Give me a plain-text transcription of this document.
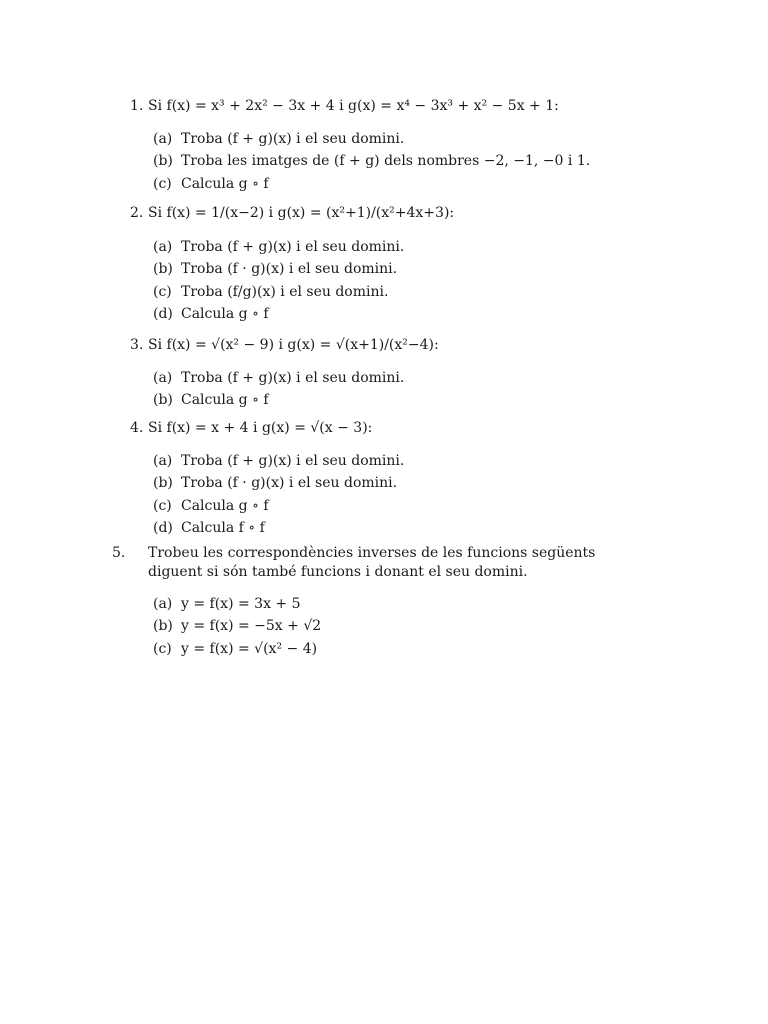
1. Si f(x) = x³ + 2x² − 3x + 4 i g(x) = x⁴ − 3x³ + x² − 5x + 1:
(a) Troba (f + g)(x) i el seu domini.
(b) Troba les imatges de (f + g) dels nombres −2, −1, −0 i 1.
(c) Calcula g ∘ f
2. Si f(x) = 1/(x−2) i g(x) = (x²+1)/(x²+4x+3):
(a) Troba (f + g)(x) i el seu domini.
(b) Troba (f · g)(x) i el seu domini.
(c) Troba (f/g)(x) i el seu domini.
(d) Calcula g ∘ f
3. Si f(x) = √(x² − 9) i g(x) = √(x+1)/(x²−4):
(a) Troba (f + g)(x) i el seu domini.
(b) Calcula g ∘ f
4. Si f(x) = x + 4 i g(x) = √(x − 3):
(a) Troba (f + g)(x) i el seu domini.
(b) Troba (f · g)(x) i el seu domini.
(c) Calcula g ∘ f
(d) Calcula f ∘ f
5. Trobeu les correspondències inverses de les funcions següents diguent si són també funcions i donant el seu domini.
(a) y = f(x) = 3x + 5
(b) y = f(x) = −5x + √2
(c) y = f(x) = √(x² − 4)
